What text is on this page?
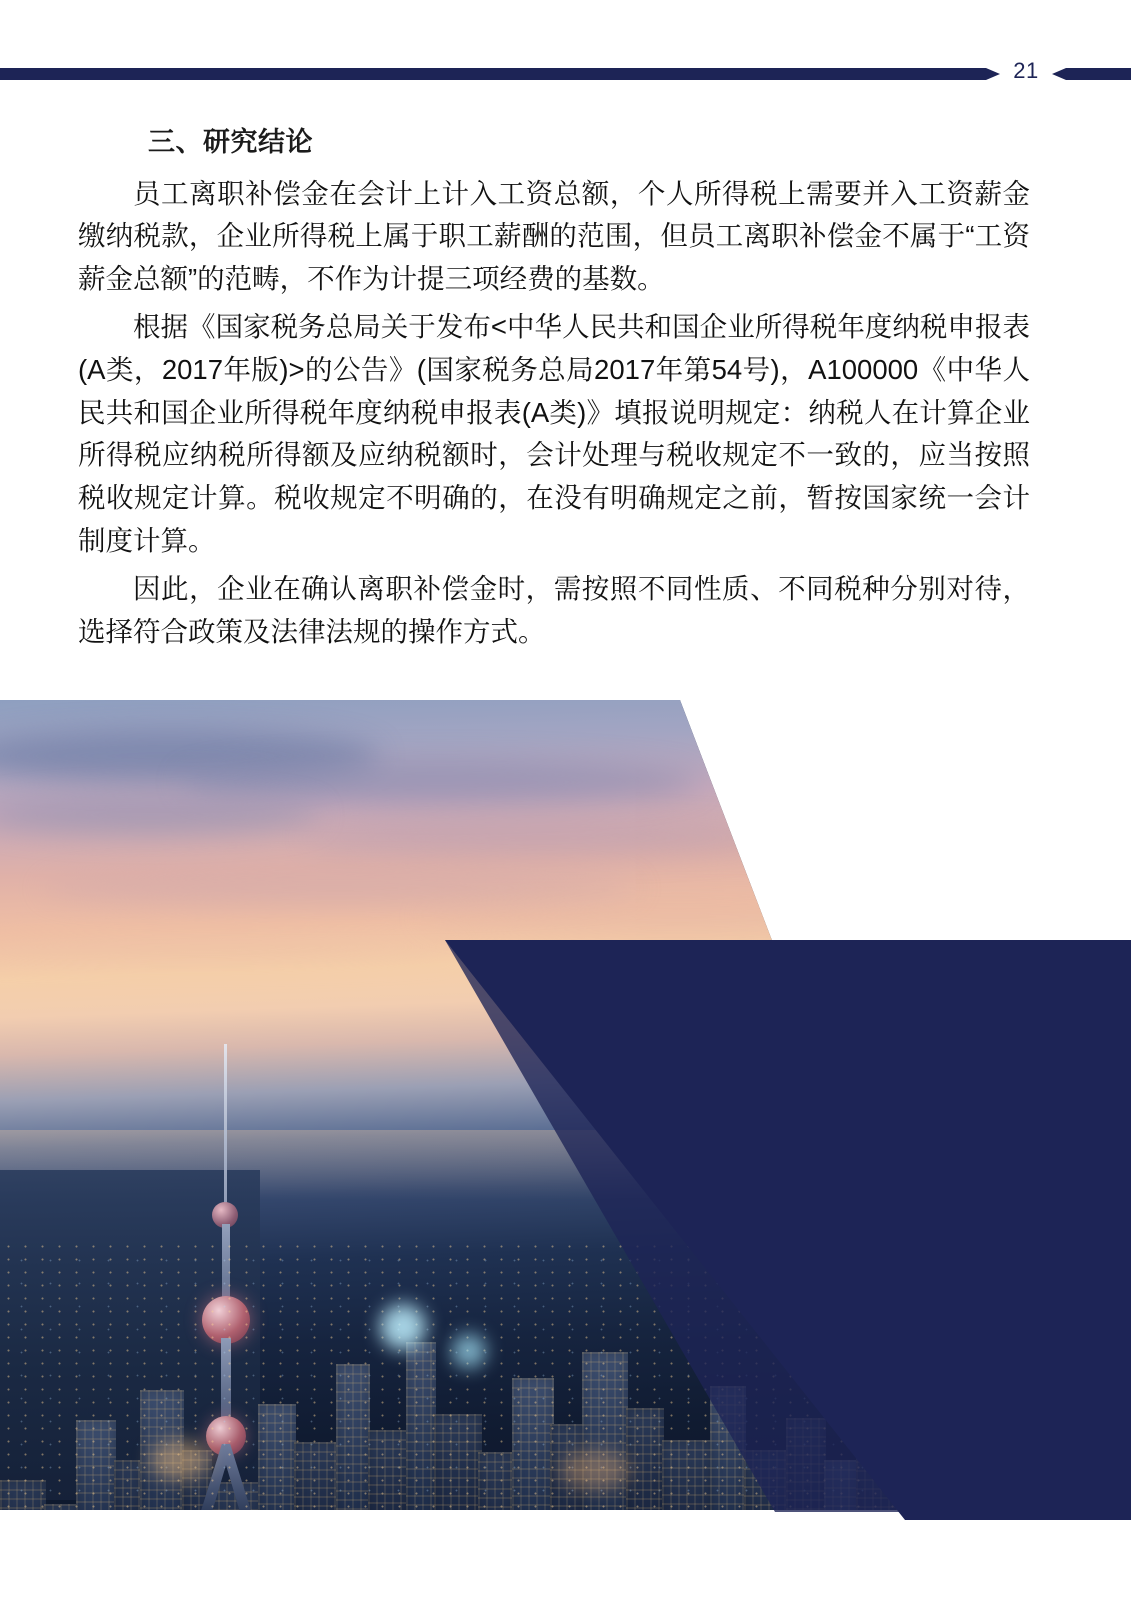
21
三、研究结论

员工离职补偿金在会计上计入工资总额，个人所得税上需要并入工资薪金缴纳税款，企业所得税上属于职工薪酬的范围，但员工离职补偿金不属于“工资薪金总额”的范畴，不作为计提三项经费的基数。

根据《国家税务总局关于发布<中华人民共和国企业所得税年度纳税申报表(A类，2017年版)>的公告》(国家税务总局2017年第54号)，A100000《中华人民共和国企业所得税年度纳税申报表(A类)》填报说明规定：纳税人在计算企业所得税应纳税所得额及应纳税额时，会计处理与税收规定不一致的，应当按照税收规定计算。税收规定不明确的，在没有明确规定之前，暂按国家统一会计制度计算。

因此，企业在确认离职补偿金时，需按照不同性质、不同税种分别对待，选择符合政策及法律法规的操作方式。
